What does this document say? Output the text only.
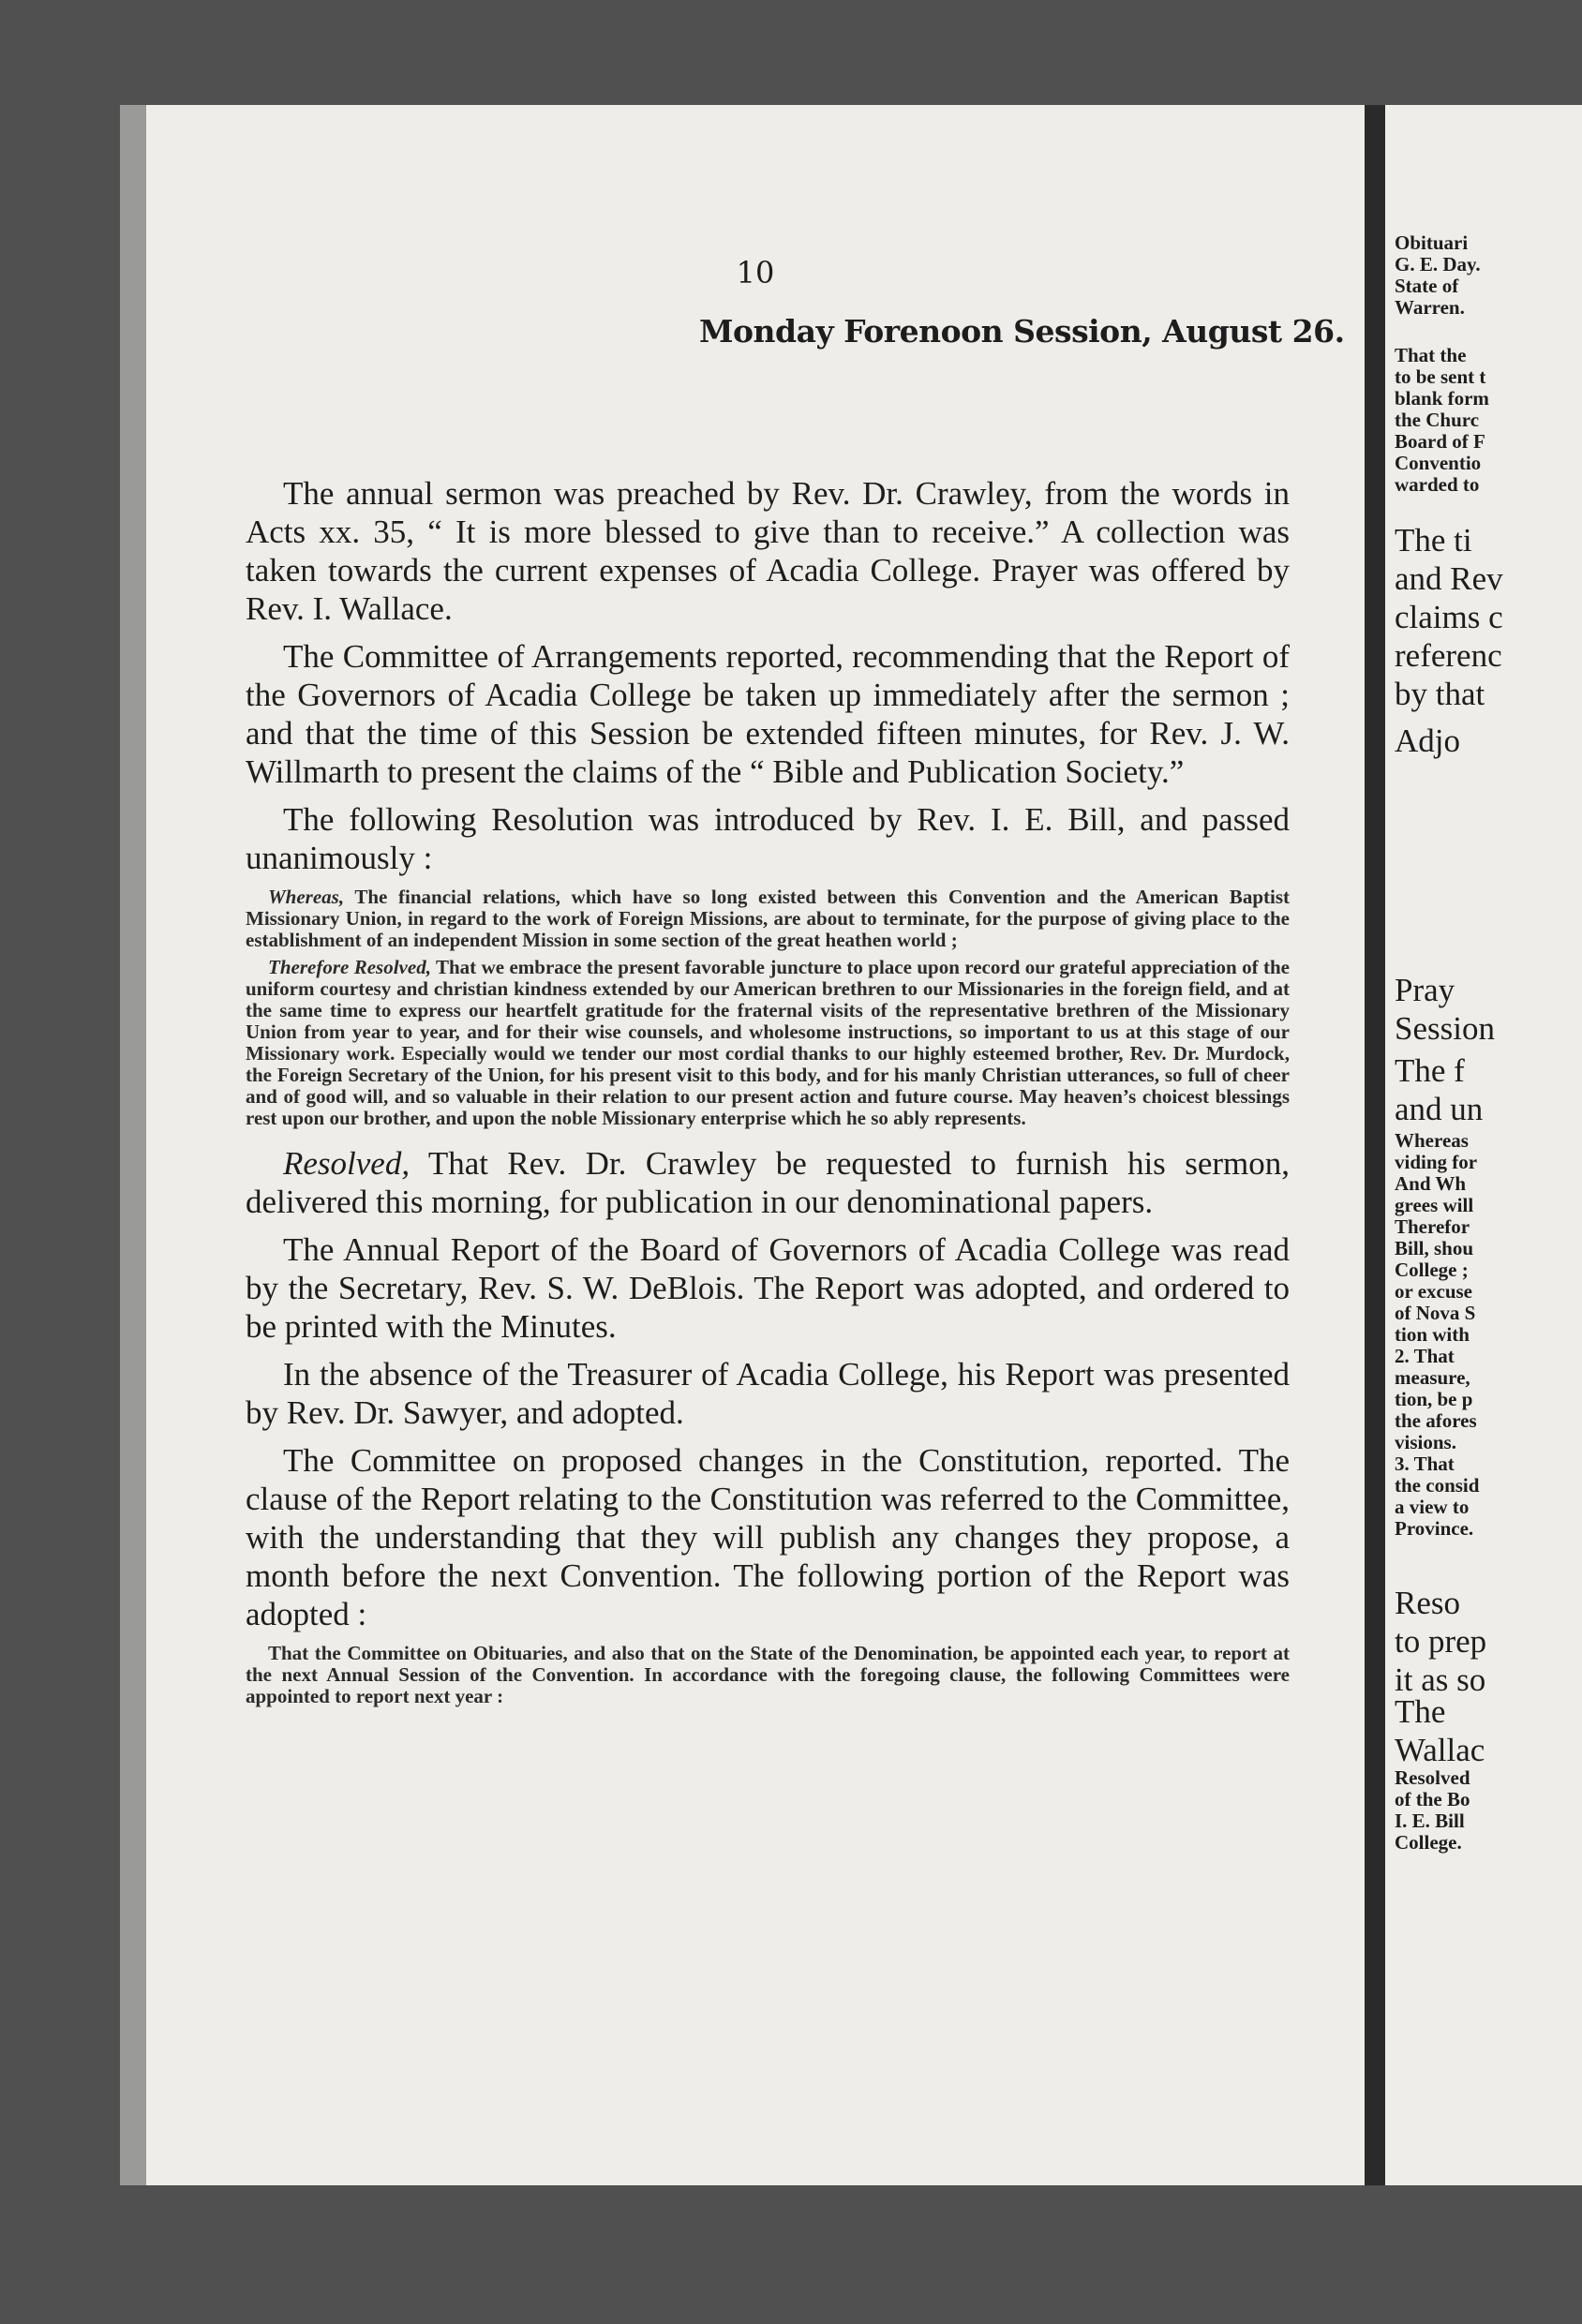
10
Monday Forenoon Session, August 26.

The annual sermon was preached by Rev. Dr. Crawley, from the words in Acts xx. 35, “ It is more blessed to give than to receive.” A collection was taken towards the current expenses of Acadia College. Prayer was offered by Rev. I. Wallace.

The Committee of Arrangements reported, recommending that the Report of the Governors of Acadia College be taken up immediately after the sermon ; and that the time of this Session be extended fifteen minutes, for Rev. J. W. Willmarth to present the claims of the “ Bible and Publication Society.”

The following Resolution was introduced by Rev. I. E. Bill, and passed unanimously :

Whereas, The financial relations, which have so long existed between this Convention and the American Baptist Missionary Union, in regard to the work of Foreign Missions, are about to terminate, for the purpose of giving place to the establishment of an independent Mission in some section of the great heathen world ;

Therefore Resolved, That we embrace the present favorable juncture to place upon record our grateful appreciation of the uniform courtesy and christian kindness extended by our American brethren to our Missionaries in the foreign field, and at the same time to express our heartfelt gratitude for the fraternal visits of the representative brethren of the Missionary Union from year to year, and for their wise counsels, and wholesome instructions, so important to us at this stage of our Missionary work. Especially would we tender our most cordial thanks to our highly esteemed brother, Rev. Dr. Murdock, the Foreign Secretary of the Union, for his present visit to this body, and for his manly Christian utterances, so full of cheer and of good will, and so valuable in their relation to our present action and future course. May heaven’s choicest blessings rest upon our brother, and upon the noble Missionary enterprise which he so ably represents.

Resolved, That Rev. Dr. Crawley be requested to furnish his sermon, delivered this morning, for publication in our denominational papers.

The Annual Report of the Board of Governors of Acadia College was read by the Secretary, Rev. S. W. DeBlois. The Report was adopted, and ordered to be printed with the Minutes.

In the absence of the Treasurer of Acadia College, his Report was presented by Rev. Dr. Sawyer, and adopted.

The Committee on proposed changes in the Constitution, reported. The clause of the Report relating to the Constitution was referred to the Committee, with the understanding that they will publish any changes they propose, a month before the next Convention. The following portion of the Report was adopted :

That the Committee on Obituaries, and also that on the State of the Denomination, be appointed each year, to report at the next Annual Session of the Convention. In accordance with the foregoing clause, the following Committees were appointed to report next year :

Obituari
G. E. Day.
State of
Warren.
That the
to be sent t
blank form
the Churc
Board of F
Conventio
warded to
The ti
and Rev
claims c
referenc
by that
Adjo
Pray
Session
The f
and un
Whereas
viding for
And Wh
grees will
Therefor
Bill, shou
College ;
or excuse
of Nova S
tion with
2. That
measure,
tion, be p
the afores
visions.
3. That
the consid
a view to
Province.
Reso
to prep
it as so
The
Wallac
Resolved
of the Bo
I. E. Bill
College.
